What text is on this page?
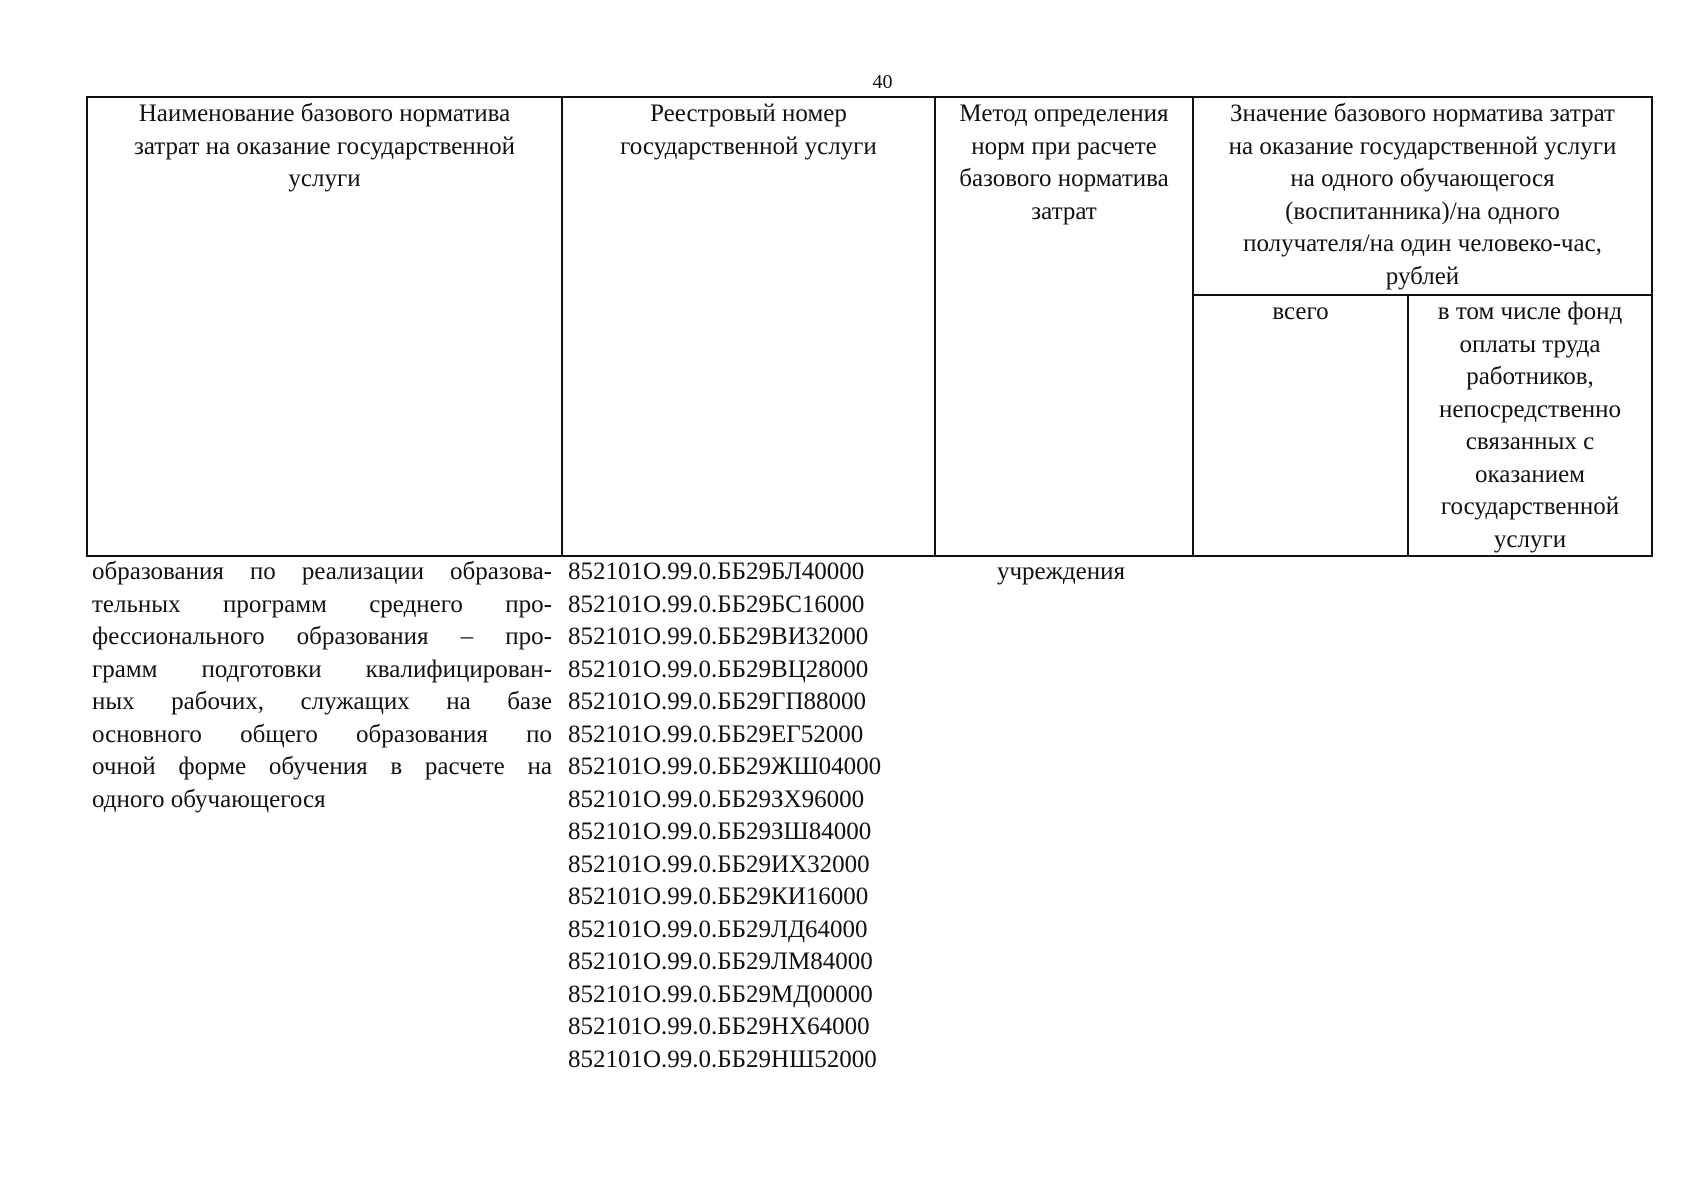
40
Наименование базового норматива
затрат на оказание государственной
услуги
Реестровый номер
государственной услуги
Метод определения
норм при расчете
базового норматива
затрат
Значение базового норматива затрат
на оказание государственной услуги
на одного обучающегося
(воспитанника)/на одного
получателя/на один человеко-час,
рублей
всего	в том числе фонд
оплаты труда
работников,
непосредственно
связанных с
оказанием
государственной
услуги
образования по реализации образова-
тельных программ среднего про-
фессионального образования – про-
грамм подготовки квалифицирован-
ных рабочих, служащих на базе
основного общего образования по
очной форме обучения в расчете на
одного обучающегося
852101О.99.0.ББ29БЛ40000
852101О.99.0.ББ29БС16000
852101О.99.0.ББ29ВИ32000
852101О.99.0.ББ29ВЦ28000
852101О.99.0.ББ29ГП88000
852101О.99.0.ББ29ЕГ52000
852101О.99.0.ББ29ЖШ04000
852101О.99.0.ББ29ЗХ96000
852101О.99.0.ББ29ЗШ84000
852101О.99.0.ББ29ИХ32000
852101О.99.0.ББ29КИ16000
852101О.99.0.ББ29ЛД64000
852101О.99.0.ББ29ЛМ84000
852101О.99.0.ББ29МД00000
852101О.99.0.ББ29НХ64000
852101О.99.0.ББ29НШ52000
учреждения
